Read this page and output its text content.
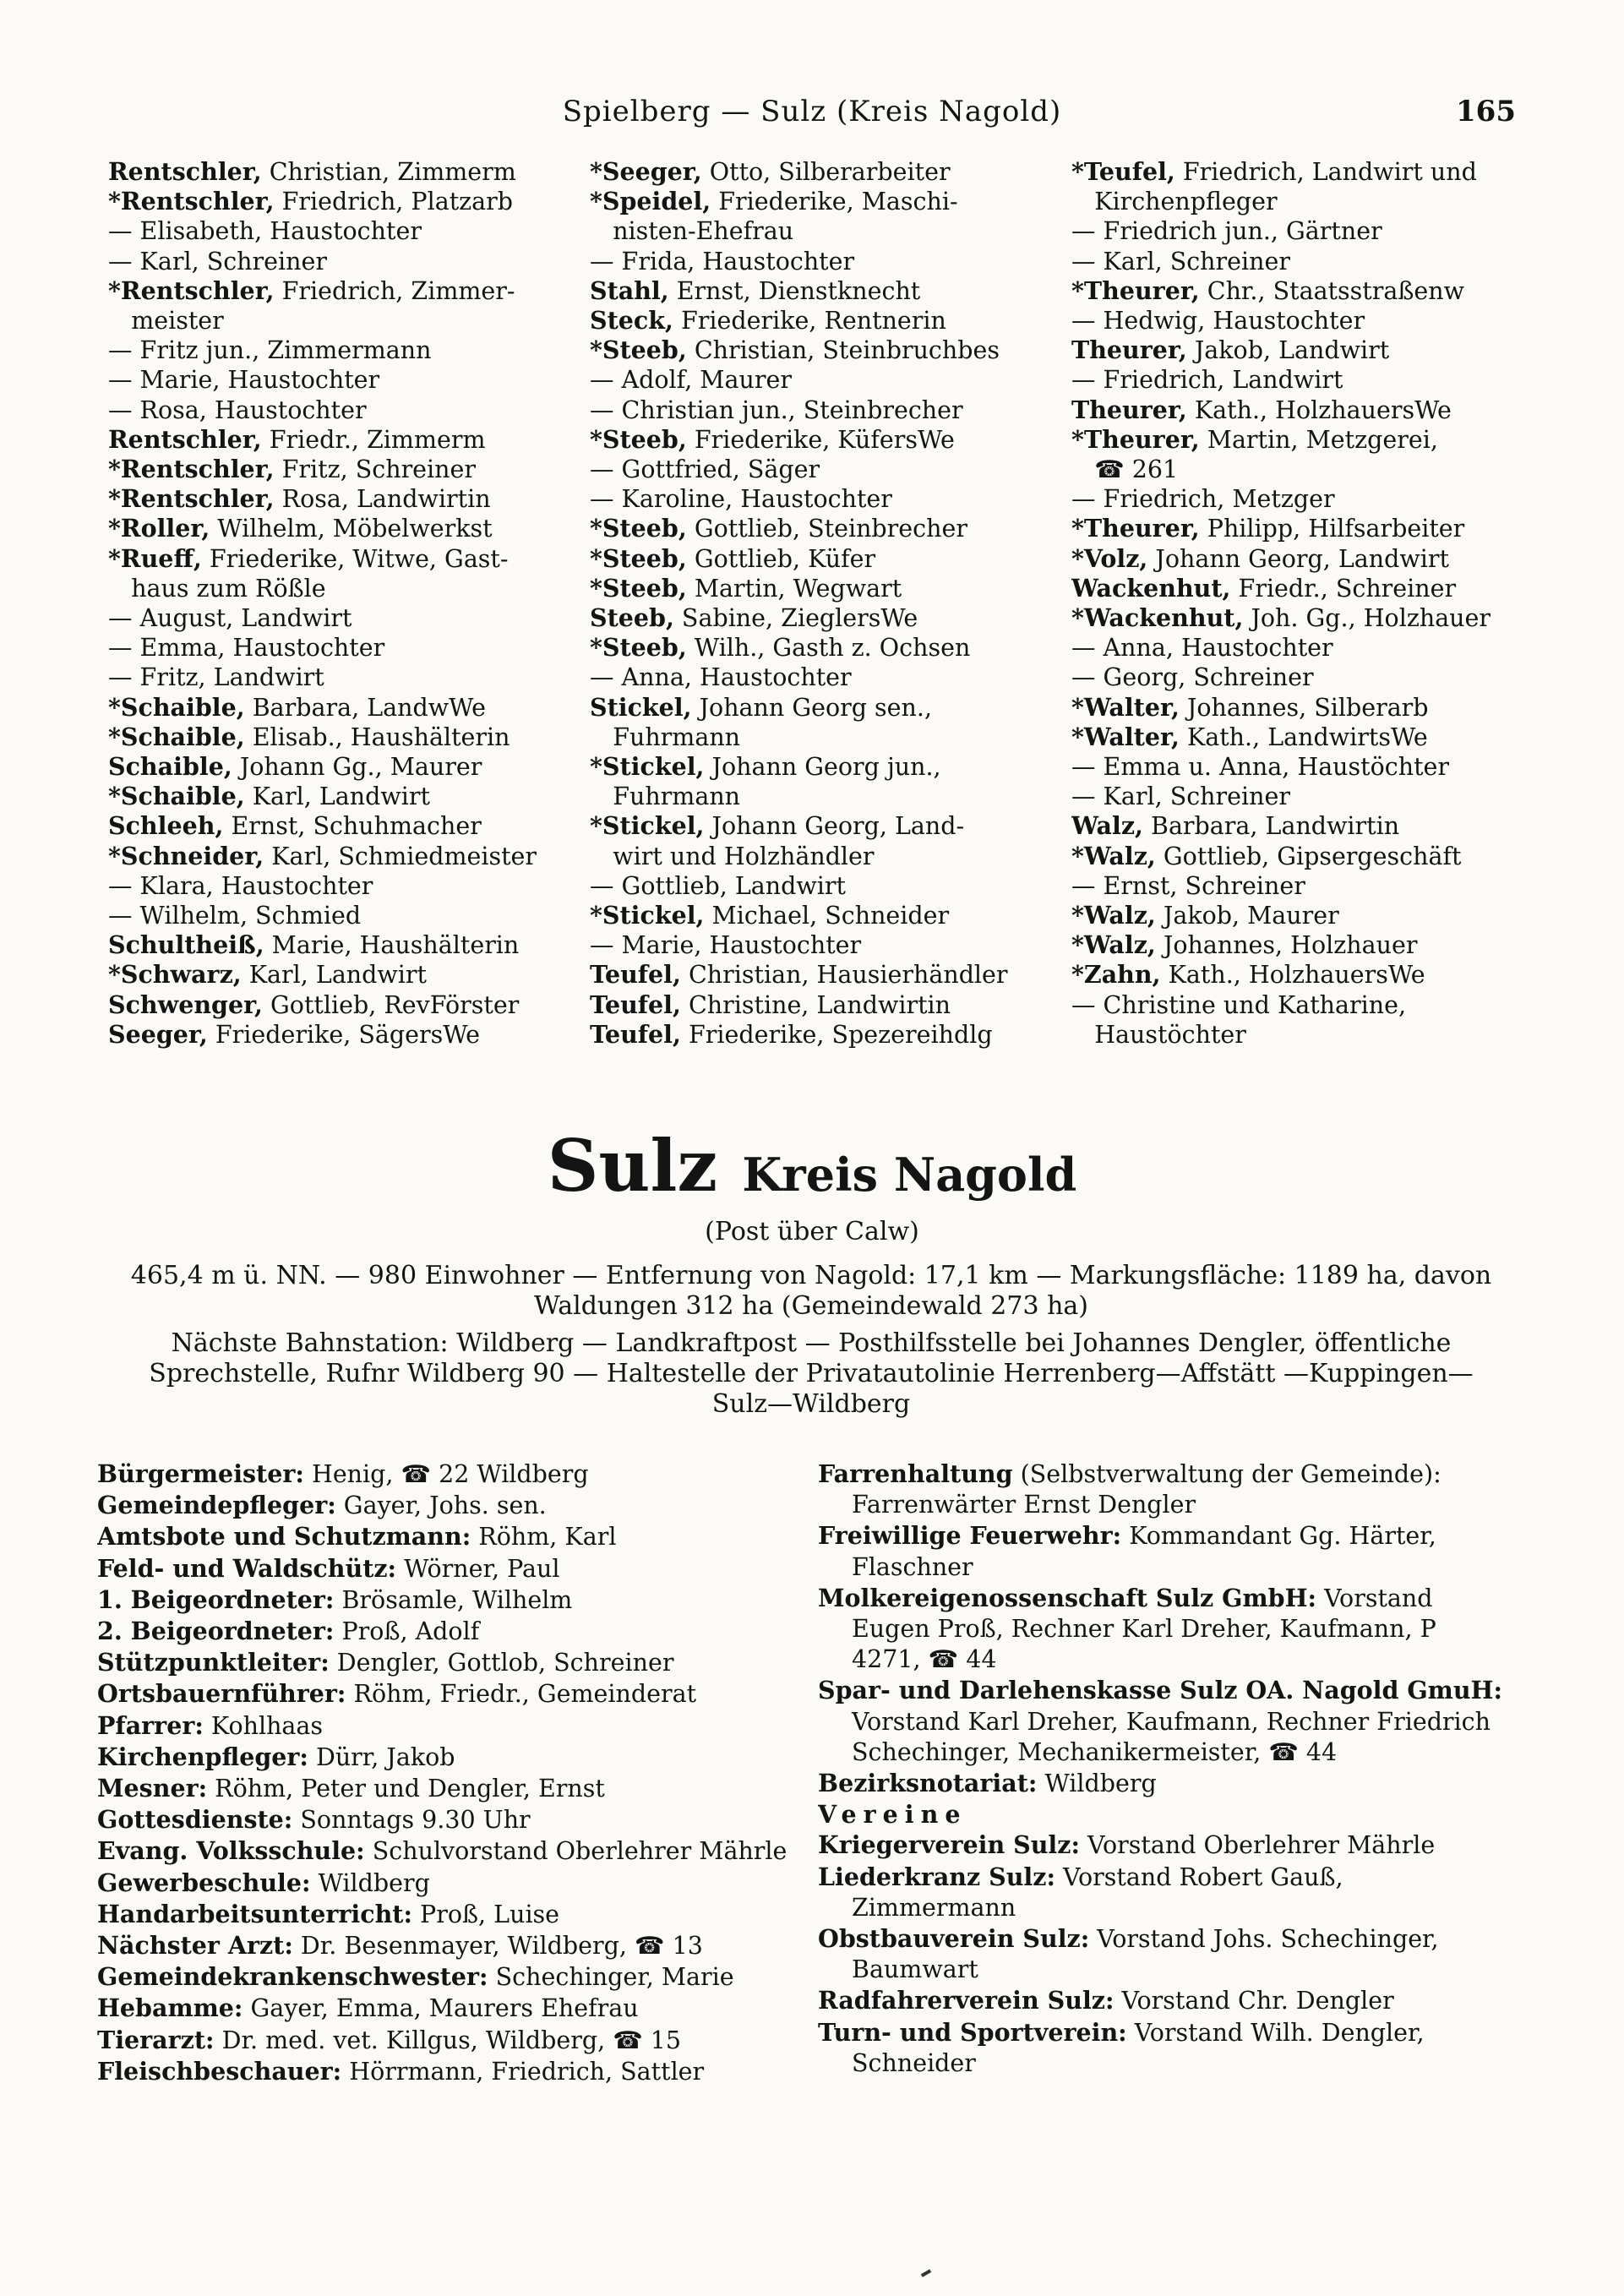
Spielberg — Sulz (Kreis Nagold)	165
Rentschler, Christian, Zimmerm
*Rentschler, Friedrich, Platzarb
— Elisabeth, Haustochter
— Karl, Schreiner
*Rentschler, Friedrich, Zimmer-
meister
— Fritz jun., Zimmermann
— Marie, Haustochter
— Rosa, Haustochter
Rentschler, Friedr., Zimmerm
*Rentschler, Fritz, Schreiner
*Rentschler, Rosa, Landwirtin
*Roller, Wilhelm, Möbelwerkst
*Rueff, Friederike, Witwe, Gast-
haus zum Rößle
— August, Landwirt
— Emma, Haustochter
— Fritz, Landwirt
*Schaible, Barbara, LandwWe
*Schaible, Elisab., Haushälterin
Schaible, Johann Gg., Maurer
*Schaible, Karl, Landwirt
Schleeh, Ernst, Schuhmacher
*Schneider, Karl, Schmiedmeister
— Klara, Haustochter
— Wilhelm, Schmied
Schultheiß, Marie, Haushälterin
*Schwarz, Karl, Landwirt
Schwenger, Gottlieb, RevFörster
Seeger, Friederike, SägersWe
*Seeger, Otto, Silberarbeiter
*Speidel, Friederike, Maschi-
nisten-Ehefrau
— Frida, Haustochter
Stahl, Ernst, Dienstknecht
Steck, Friederike, Rentnerin
*Steeb, Christian, Steinbruchbes
— Adolf, Maurer
— Christian jun., Steinbrecher
*Steeb, Friederike, KüfersWe
— Gottfried, Säger
— Karoline, Haustochter
*Steeb, Gottlieb, Steinbrecher
*Steeb, Gottlieb, Küfer
*Steeb, Martin, Wegwart
Steeb, Sabine, ZieglersWe
*Steeb, Wilh., Gasth z. Ochsen
— Anna, Haustochter
Stickel, Johann Georg sen.,
Fuhrmann
*Stickel, Johann Georg jun.,
Fuhrmann
*Stickel, Johann Georg, Land-
wirt und Holzhändler
— Gottlieb, Landwirt
*Stickel, Michael, Schneider
— Marie, Haustochter
Teufel, Christian, Hausierhändler
Teufel, Christine, Landwirtin
Teufel, Friederike, Spezereihdlg
*Teufel, Friedrich, Landwirt und
Kirchenpfleger
— Friedrich jun., Gärtner
— Karl, Schreiner
*Theurer, Chr., Staatsstraßenw
— Hedwig, Haustochter
Theurer, Jakob, Landwirt
— Friedrich, Landwirt
Theurer, Kath., HolzhauersWe
*Theurer, Martin, Metzgerei,
☎ 261
— Friedrich, Metzger
*Theurer, Philipp, Hilfsarbeiter
*Volz, Johann Georg, Landwirt
Wackenhut, Friedr., Schreiner
*Wackenhut, Joh. Gg., Holzhauer
— Anna, Haustochter
— Georg, Schreiner
*Walter, Johannes, Silberarb
*Walter, Kath., LandwirtsWe
— Emma u. Anna, Haustöchter
— Karl, Schreiner
Walz, Barbara, Landwirtin
*Walz, Gottlieb, Gipsergeschäft
— Ernst, Schreiner
*Walz, Jakob, Maurer
*Walz, Johannes, Holzhauer
*Zahn, Kath., HolzhauersWe
— Christine und Katharine,
Haustöchter
Sulz Kreis Nagold
(Post über Calw)
465,4 m ü. NN. — 980 Einwohner — Entfernung von Nagold: 17,1 km — Markungsfläche: 1189 ha, davon Waldungen 312 ha (Gemeindewald 273 ha)
Nächste Bahnstation: Wildberg — Landkraftpost — Posthilfsstelle bei Johannes Dengler, öffentliche Sprechstelle, Rufnr Wildberg 90 — Haltestelle der Privatautolinie Herrenberg—Affstätt —Kuppingen—Sulz—Wildberg
Bürgermeister: Henig, ☎ 22 Wildberg
Gemeindepfleger: Gayer, Johs. sen.
Amtsbote und Schutzmann: Röhm, Karl
Feld- und Waldschütz: Wörner, Paul
1. Beigeordneter: Brösamle, Wilhelm
2. Beigeordneter: Proß, Adolf
Stützpunktleiter: Dengler, Gottlob, Schreiner
Ortsbauernführer: Röhm, Friedr., Gemeinderat
Pfarrer: Kohlhaas
Kirchenpfleger: Dürr, Jakob
Mesner: Röhm, Peter und Dengler, Ernst
Gottesdienste: Sonntags 9.30 Uhr
Evang. Volksschule: Schulvorstand Oberlehrer Mährle
Gewerbeschule: Wildberg
Handarbeitsunterricht: Proß, Luise
Nächster Arzt: Dr. Besenmayer, Wildberg, ☎ 13
Gemeindekrankenschwester: Schechinger, Marie
Hebamme: Gayer, Emma, Maurers Ehefrau
Tierarzt: Dr. med. vet. Killgus, Wildberg, ☎ 15
Fleischbeschauer: Hörrmann, Friedrich, Sattler
Farrenhaltung (Selbstverwaltung der Gemeinde): Farrenwärter Ernst Dengler
Freiwillige Feuerwehr: Kommandant Gg. Härter, Flaschner
Molkereigenossenschaft Sulz GmbH: Vorstand Eugen Proß, Rechner Karl Dreher, Kaufmann, P 4271, ☎ 44
Spar- und Darlehenskasse Sulz OA. Nagold GmuH: Vorstand Karl Dreher, Kaufmann, Rechner Friedrich Schechinger, Mechanikermeister, ☎ 44
Bezirksnotariat: Wildberg
Vereine
Kriegerverein Sulz: Vorstand Oberlehrer Mährle
Liederkranz Sulz: Vorstand Robert Gauß, Zimmermann
Obstbauverein Sulz: Vorstand Johs. Schechinger, Baumwart
Radfahrerverein Sulz: Vorstand Chr. Dengler
Turn- und Sportverein: Vorstand Wilh. Dengler, Schneider
